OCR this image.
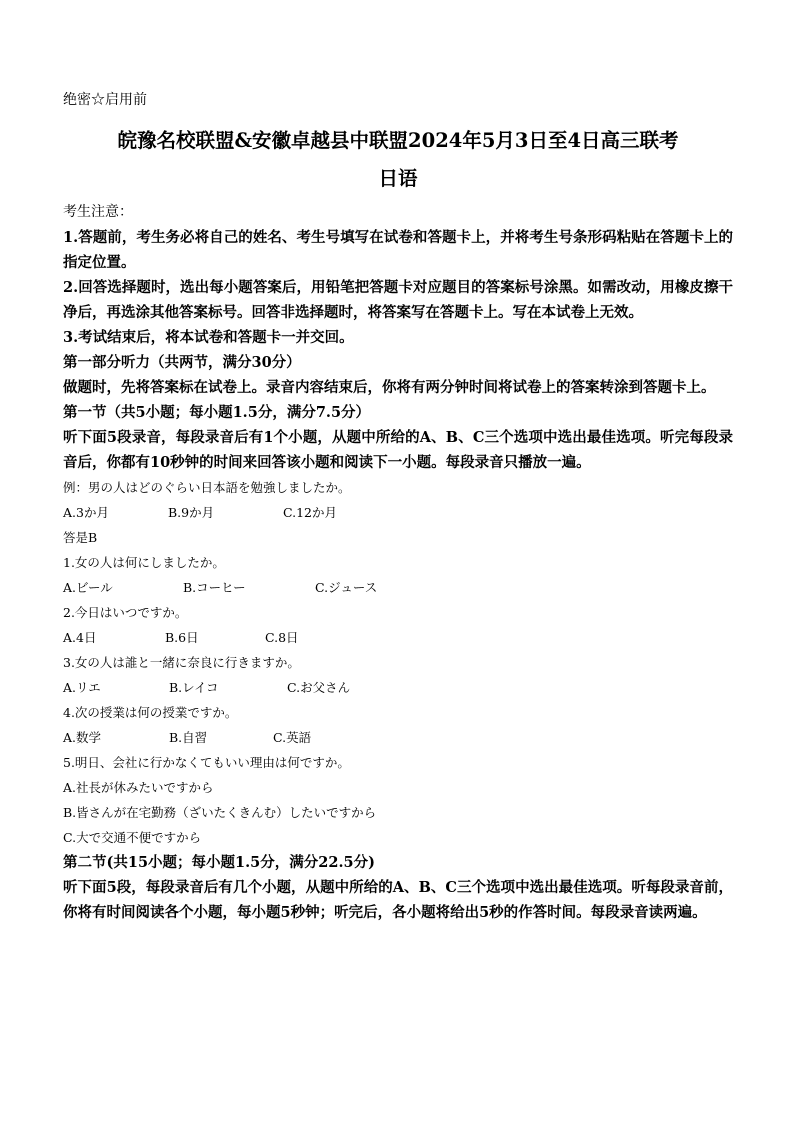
绝密☆启用前
皖豫名校联盟&安徽卓越县中联盟2024年5月3日至4日高三联考
日语
考生注意：
1.答题前，考生务必将自己的姓名、考生号填写在试卷和答题卡上，并将考生号条形码粘贴在答题卡上的指定位置。
2.回答选择题时，选出每小题答案后，用铅笔把答题卡对应题目的答案标号涂黑。如需改动，用橡皮擦干净后，再选涂其他答案标号。回答非选择题时，将答案写在答题卡上。写在本试卷上无效。
3.考试结束后，将本试卷和答题卡一并交回。
第一部分听力（共两节，满分30分）
做题时，先将答案标在试卷上。录音内容结束后，你将有两分钟时间将试卷上的答案转涂到答题卡上。
第一节（共5小题；每小题1.5分，满分7.5分）
听下面5段录音，每段录音后有1个小题，从题中所给的A、B、C三个选项中选出最佳选项。听完每段录音后，你都有10秒钟的时间来回答该小题和阅读下一小题。每段录音只播放一遍。
例：男の人はどのぐらい日本語を勉強しましたか。
A.3か月	B.9か月	C.12か月
答是B
1.女の人は何にしましたか。
A.ビール	B.コーヒー	C.ジュース
2.今日はいつですか。
A.4日	B.6日	C.8日
3.女の人は誰と一緒に奈良に行きますか。
A.リエ	B.レイコ	C.お父さん
4.次の授業は何の授業ですか。
A.数学	B.自習	C.英語
5.明日、会社に行かなくてもいい理由は何ですか。
A.社長が休みたいですから
B.皆さんが在宅勤務（ざいたくきんむ）したいですから
C.大で交通不便ですから
第二节(共15小题；每小题1.5分，满分22.5分)
听下面5段，每段录音后有几个小题，从题中所给的A、B、C三个选项中选出最佳选项。听每段录音前，你将有时间阅读各个小题，每小题5秒钟；听完后，各小题将给出5秒的作答时间。每段录音读两遍。
